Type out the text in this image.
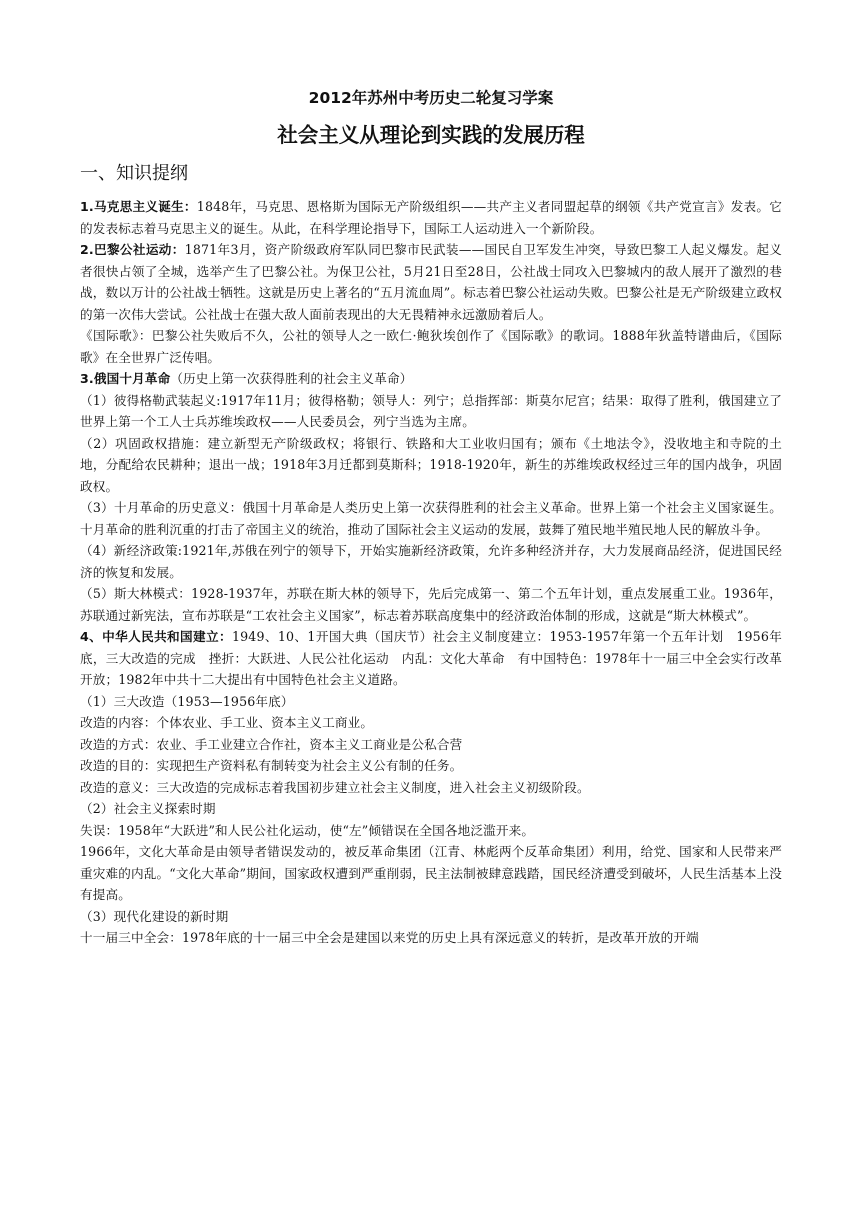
2012年苏州中考历史二轮复习学案
社会主义从理论到实践的发展历程
一、知识提纲

1.马克思主义诞生：1848年，马克思、恩格斯为国际无产阶级组织——共产主义者同盟起草的纲领《共产党宣言》发表。它的发表标志着马克思主义的诞生。从此，在科学理论指导下，国际工人运动进入一个新阶段。

2.巴黎公社运动：1871年3月，资产阶级政府军队同巴黎市民武装——国民自卫军发生冲突，导致巴黎工人起义爆发。起义者很快占领了全城，选举产生了巴黎公社。为保卫公社，5月21日至28日，公社战士同攻入巴黎城内的敌人展开了激烈的巷战，数以万计的公社战士牺牲。这就是历史上著名的“五月流血周”。标志着巴黎公社运动失败。巴黎公社是无产阶级建立政权的第一次伟大尝试。公社战士在强大敌人面前表现出的大无畏精神永远激励着后人。

《国际歌》：巴黎公社失败后不久，公社的领导人之一欧仁·鲍狄埃创作了《国际歌》的歌词。1888年狄盖特谱曲后，《国际歌》在全世界广泛传唱。

3.俄国十月革命（历史上第一次获得胜利的社会主义革命）

（1）彼得格勒武装起义:1917年11月；彼得格勒；领导人：列宁；总指挥部：斯莫尔尼宫；结果：取得了胜利，俄国建立了世界上第一个工人士兵苏维埃政权——人民委员会，列宁当选为主席。

（2）巩固政权措施：建立新型无产阶级政权；将银行、铁路和大工业收归国有；颁布《土地法令》，没收地主和寺院的土地，分配给农民耕种；退出一战；1918年3月迁都到莫斯科；1918-1920年，新生的苏维埃政权经过三年的国内战争，巩固政权。

（3）十月革命的历史意义：俄国十月革命是人类历史上第一次获得胜利的社会主义革命。世界上第一个社会主义国家诞生。十月革命的胜利沉重的打击了帝国主义的统治，推动了国际社会主义运动的发展，鼓舞了殖民地半殖民地人民的解放斗争。

（4）新经济政策:1921年,苏俄在列宁的领导下，开始实施新经济政策，允许多种经济并存，大力发展商品经济，促进国民经济的恢复和发展。

（5）斯大林模式：1928-1937年，苏联在斯大林的领导下，先后完成第一、第二个五年计划，重点发展重工业。1936年，苏联通过新宪法，宣布苏联是“工农社会主义国家”，标志着苏联高度集中的经济政治体制的形成，这就是“斯大林模式”。

4、中华人民共和国建立：1949、10、1开国大典（国庆节）社会主义制度建立：1953-1957年第一个五年计划　1956年底，三大改造的完成　挫折：大跃进、人民公社化运动　内乱：文化大革命　有中国特色：1978年十一届三中全会实行改革开放；1982年中共十二大提出有中国特色社会主义道路。

（1）三大改造（1953—1956年底）

改造的内容：个体农业、手工业、资本主义工商业。

改造的方式：农业、手工业建立合作社，资本主义工商业是公私合营

改造的目的：实现把生产资料私有制转变为社会主义公有制的任务。

改造的意义：三大改造的完成标志着我国初步建立社会主义制度，进入社会主义初级阶段。

（2）社会主义探索时期

失误：1958年“大跃进”和人民公社化运动，使“左”倾错误在全国各地泛滥开来。

1966年，文化大革命是由领导者错误发动的，被反革命集团（江青、林彪两个反革命集团）利用，给党、国家和人民带来严重灾难的内乱。“文化大革命”期间，国家政权遭到严重削弱，民主法制被肆意践踏，国民经济遭受到破坏，人民生活基本上没有提高。

（3）现代化建设的新时期

十一届三中全会：1978年底的十一届三中全会是建国以来党的历史上具有深远意义的转折，是改革开放的开端
